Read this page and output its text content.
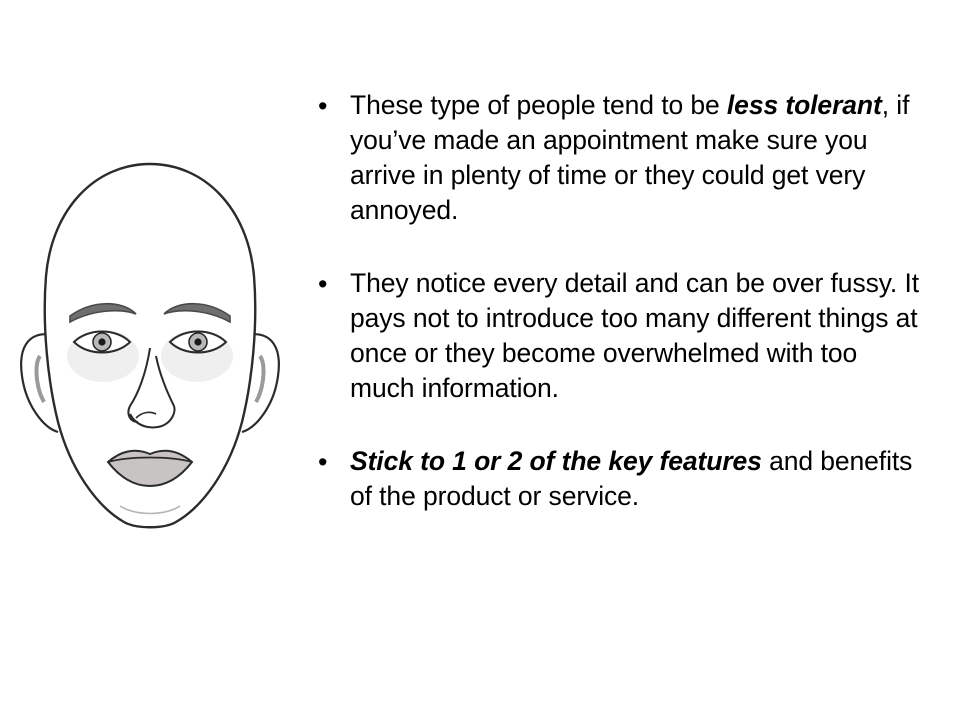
• These type of people tend to be less tolerant, if you’ve made an appointment make sure you arrive in plenty of time or they could get very annoyed.
• They notice every detail and can be over fussy. It pays not to introduce too many different things at once or they become overwhelmed with too much information.
• Stick to 1 or 2 of the key features and benefits of the product or service.
